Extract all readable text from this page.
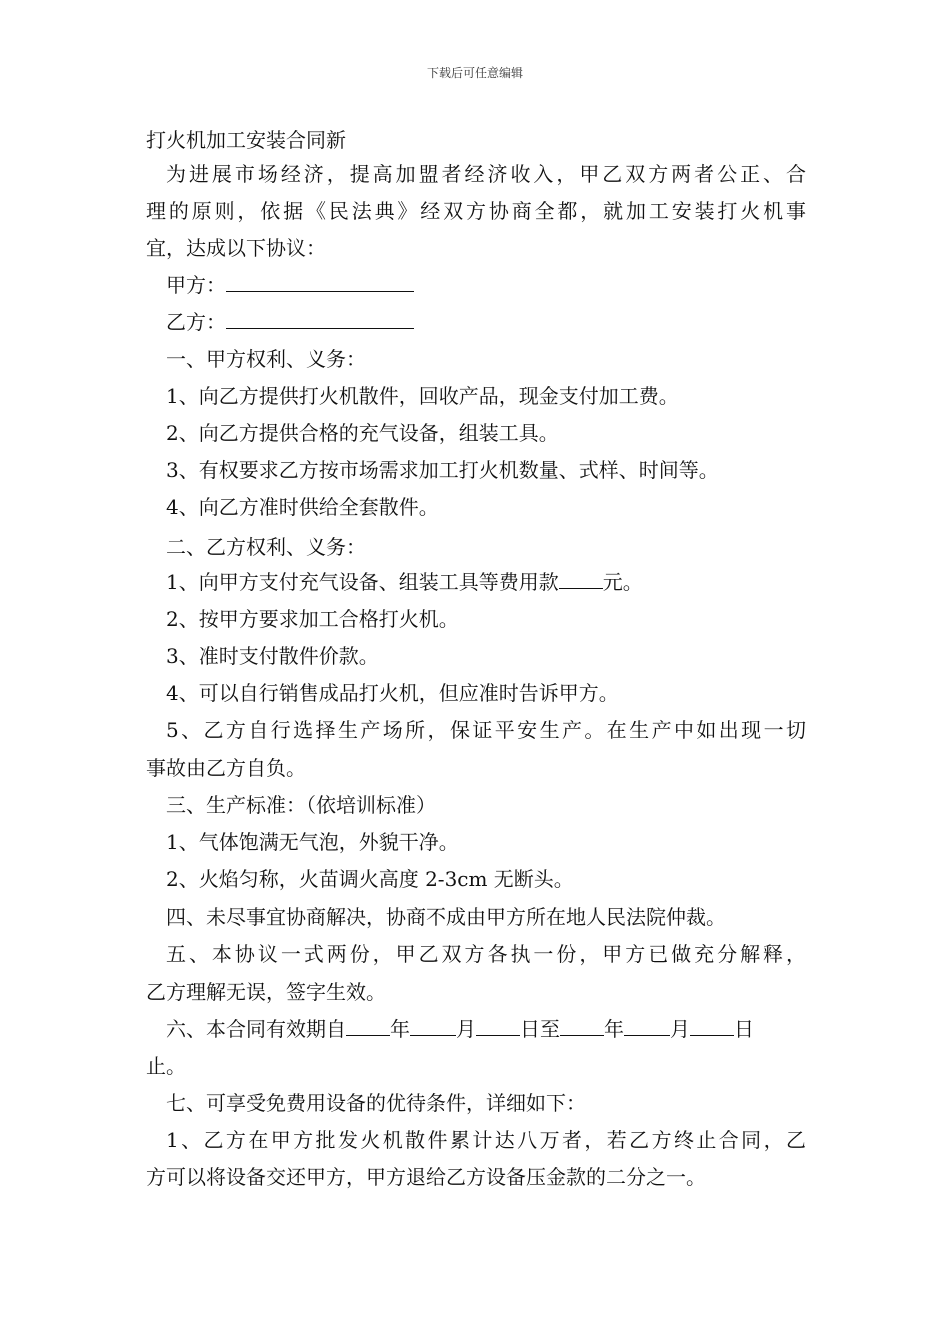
下载后可任意编辑
打火机加工安装合同新
为进展市场经济，提高加盟者经济收入，甲乙双方两者公正、合
理的原则，依据《民法典》经双方协商全都，就加工安装打火机事
宜，达成以下协议：
甲方：
乙方：
一、甲方权利、义务：
1、向乙方提供打火机散件，回收产品，现金支付加工费。
2、向乙方提供合格的充气设备，组装工具。
3、有权要求乙方按市场需求加工打火机数量、式样、时间等。
4、向乙方准时供给全套散件。
二、乙方权利、义务：
1、向甲方支付充气设备、组装工具等费用款 元。
2、按甲方要求加工合格打火机。
3、准时支付散件价款。
4、可以自行销售成品打火机，但应准时告诉甲方。
5、乙方自行选择生产场所，保证平安生产。在生产中如出现一切
事故由乙方自负。
三、生产标准：（依培训标准）
1、气体饱满无气泡，外貌干净。
2、火焰匀称，火苗调火高度 2-3cm 无断头。
四、未尽事宜协商解决，协商不成由甲方所在地人民法院仲裁。
五、本协议一式两份，甲乙双方各执一份，甲方已做充分解释，
乙方理解无误，签字生效。
六、本合同有效期自 年 月 日至 年 月 日
止。
七、可享受免费用设备的优待条件，详细如下：
1、乙方在甲方批发火机散件累计达八万者，若乙方终止合同，乙
方可以将设备交还甲方，甲方退给乙方设备压金款的二分之一。
